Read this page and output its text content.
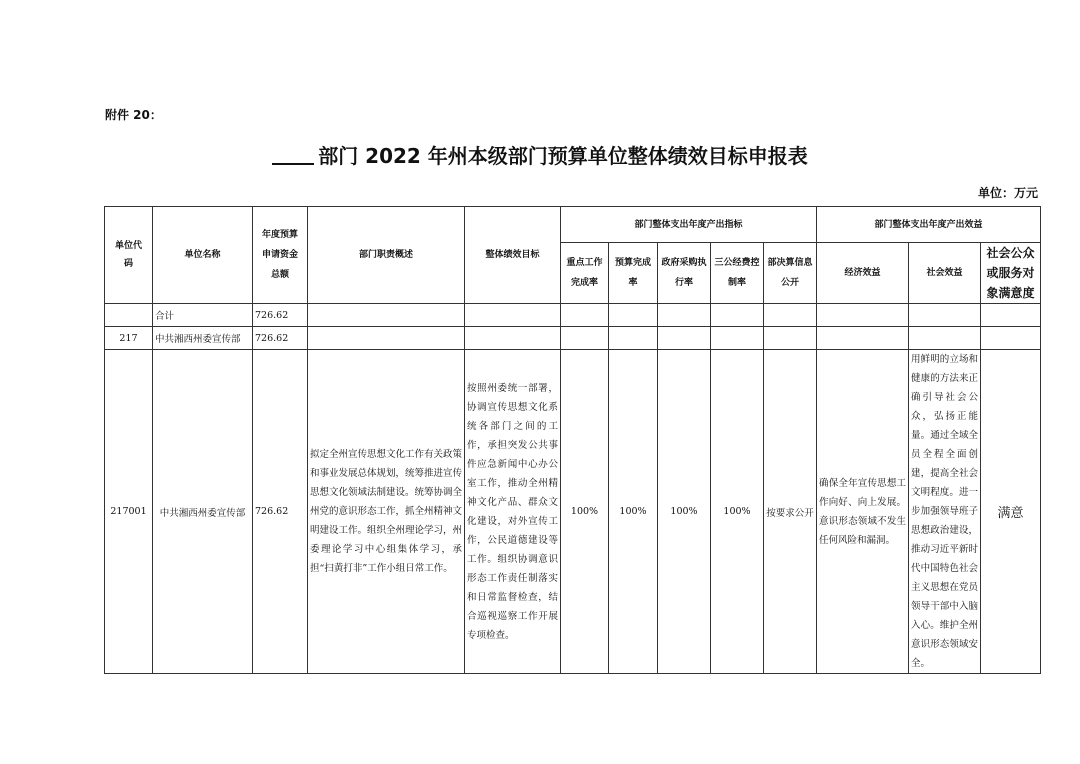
附件 20：
部门 2022 年州本级部门预算单位整体绩效目标申报表
单位：万元
单位代码	单位名称	年度预算申请资金总额	部门职责概述	整体绩效目标	部门整体支出年度产出指标					部门整体支出年度产出效益		
					重点工作完成率	预算完成率	政府采购执行率	三公经费控制率	部决算信息公开	经济效益	社会效益	社会公众或服务对象满意度
	合计	726.62										
217	中共湘西州委宣传部	726.62										
217001	中共湘西州委宣传部	726.62	拟定全州宣传思想文化工作有关政策和事业发展总体规划，统筹推进宣传思想文化领域法制建设。统筹协调全州党的意识形态工作，抓全州精神文明建设工作。组织全州理论学习，州委理论学习中心组集体学习，承担“扫黄打非”工作小组日常工作。	按照州委统一部署，协调宣传思想文化系统各部门之间的工作，承担突发公共事件应急新闻中心办公室工作，推动全州精神文化产品、群众文化建设，对外宣传工作，公民道德建设等工作。组织协调意识形态工作责任制落实和日常监督检查，结合巡视巡察工作开展专项检查。	100%	100%	100%	100%	按要求公开	确保全年宣传思想工作向好、向上发展。意识形态领域不发生任何风险和漏洞。	用鲜明的立场和健康的方法来正确引导社会公众，弘扬正能量。通过全域全员全程全面创建，提高全社会文明程度。进一步加强领导班子思想政治建设，推动习近平新时代中国特色社会主义思想在党员领导干部中入脑入心。维护全州意识形态领域安全。	满意
